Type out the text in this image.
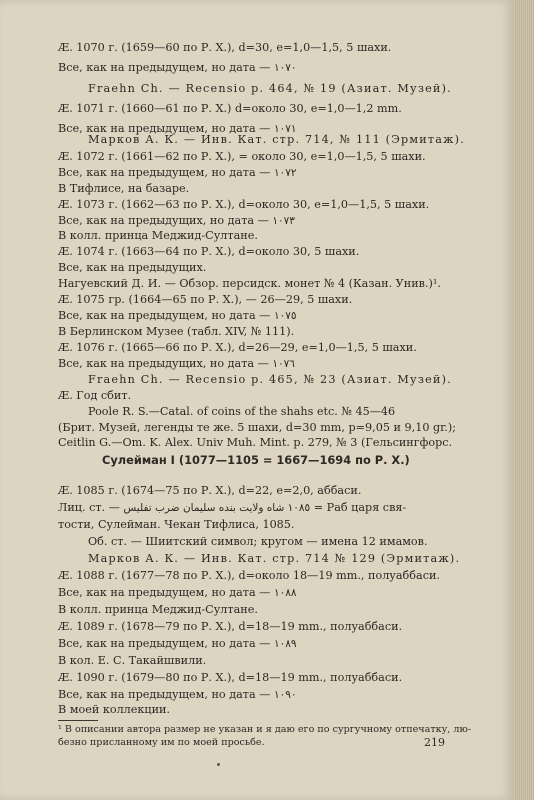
Æ. 1070 г. (1659—60 по Р. Х.), d=30, e=1,0—1,5, 5 шахи.
Все, как на предыдущем, но дата — ١٠٧٠
Fraehn Ch. — Recensio p. 464, № 19 (Азиат. Музей).
Æ. 1071 г. (1660—61 по Р. Х.) d=около 30, e=1,0—1,2 mm.
Все, как на предыдущем, но дата — ١٠٧١
Марков А. К. — Инв. Кат. стр. 714, № 111 (Эрмитаж).
Æ. 1072 г. (1661—62 по Р. Х.), = около 30, e=1,0—1,5, 5 шахи.
Все, как на предыдущем, но дата — ١٠٧٢
В Тифлисе, на базаре.
Æ. 1073 г. (1662—63 по Р. Х.), d=около 30, e=1,0—1,5, 5 шахи.
Все, как на предыдущих, но дата — ١٠٧٣
В колл. принца Меджид-Султане.
Æ. 1074 г. (1663—64 по Р. Х.), d=около 30, 5 шахи.
Все, как на предыдущих.
Нагуевский Д. И. — Обзор. персидск. монет № 4 (Казан. Унив.)¹.
Æ. 1075 гр. (1664—65 по Р. Х.), — 26—29, 5 шахи.
Все, как на предыдущем, но дата — ١٠٧٥
В Берлинском Музее (табл. XIV, № 111).
Æ. 1076 г. (1665—66 по Р. Х.), d=26—29, e=1,0—1,5, 5 шахи.
Все, как на предыдущих, но дата — ١٠٧٦
Fraehn Ch. — Recensio p. 465, № 23 (Азиат. Музей).
Æ. Год сбит.
Poole R. S.—Catal. of coins of the shahs etc. № 45—46
(Брит. Музей, легенды те же. 5 шахи, d=30 mm, p=9,05 и 9,10 gr.);
Ceitlin G.—Om. K. Alex. Univ Muh. Mint. p. 279, № 3 (Гельсингфорс.
Сулейман I (1077—1105 = 1667—1694 по Р. Х.)
¹ В описании автора размер не указан и я даю его по сургучному отпечатку, лю-
безно присланному им по моей просьбе.	219
Æ. 1085 г. (1674—75 по Р. Х.), d=22, e=2,0, аббаси.
Лиц. ст. — ١٠٨٥ شاه ولايت بنده سليمان ضرب تفليس = Раб царя свя-
тости, Сулейман. Чекан Тифлиса, 1085.
Об. ст. — Шиитский символ; кругом — имена 12 имамов.
Марков А. К. — Инв. Кат. стр. 714 № 129 (Эрмитаж).
Æ. 1088 г. (1677—78 по Р. Х.), d=около 18—19 mm., полуаббаси.
Все, как на предыдущем, но дата — ١٠٨٨
В колл. принца Меджид-Султане.
Æ. 1089 г. (1678—79 по Р. Х.), d=18—19 mm., полуаббаси.
Все, как на предыдущем, но дата — ١٠٨٩
В кол. Е. С. Такайшвили.
Æ. 1090 г. (1679—80 по Р. Х.), d=18—19 mm., полуаббаси.
Все, как на предыдущем, но дата — ١٠٩٠
В моей коллекции.
